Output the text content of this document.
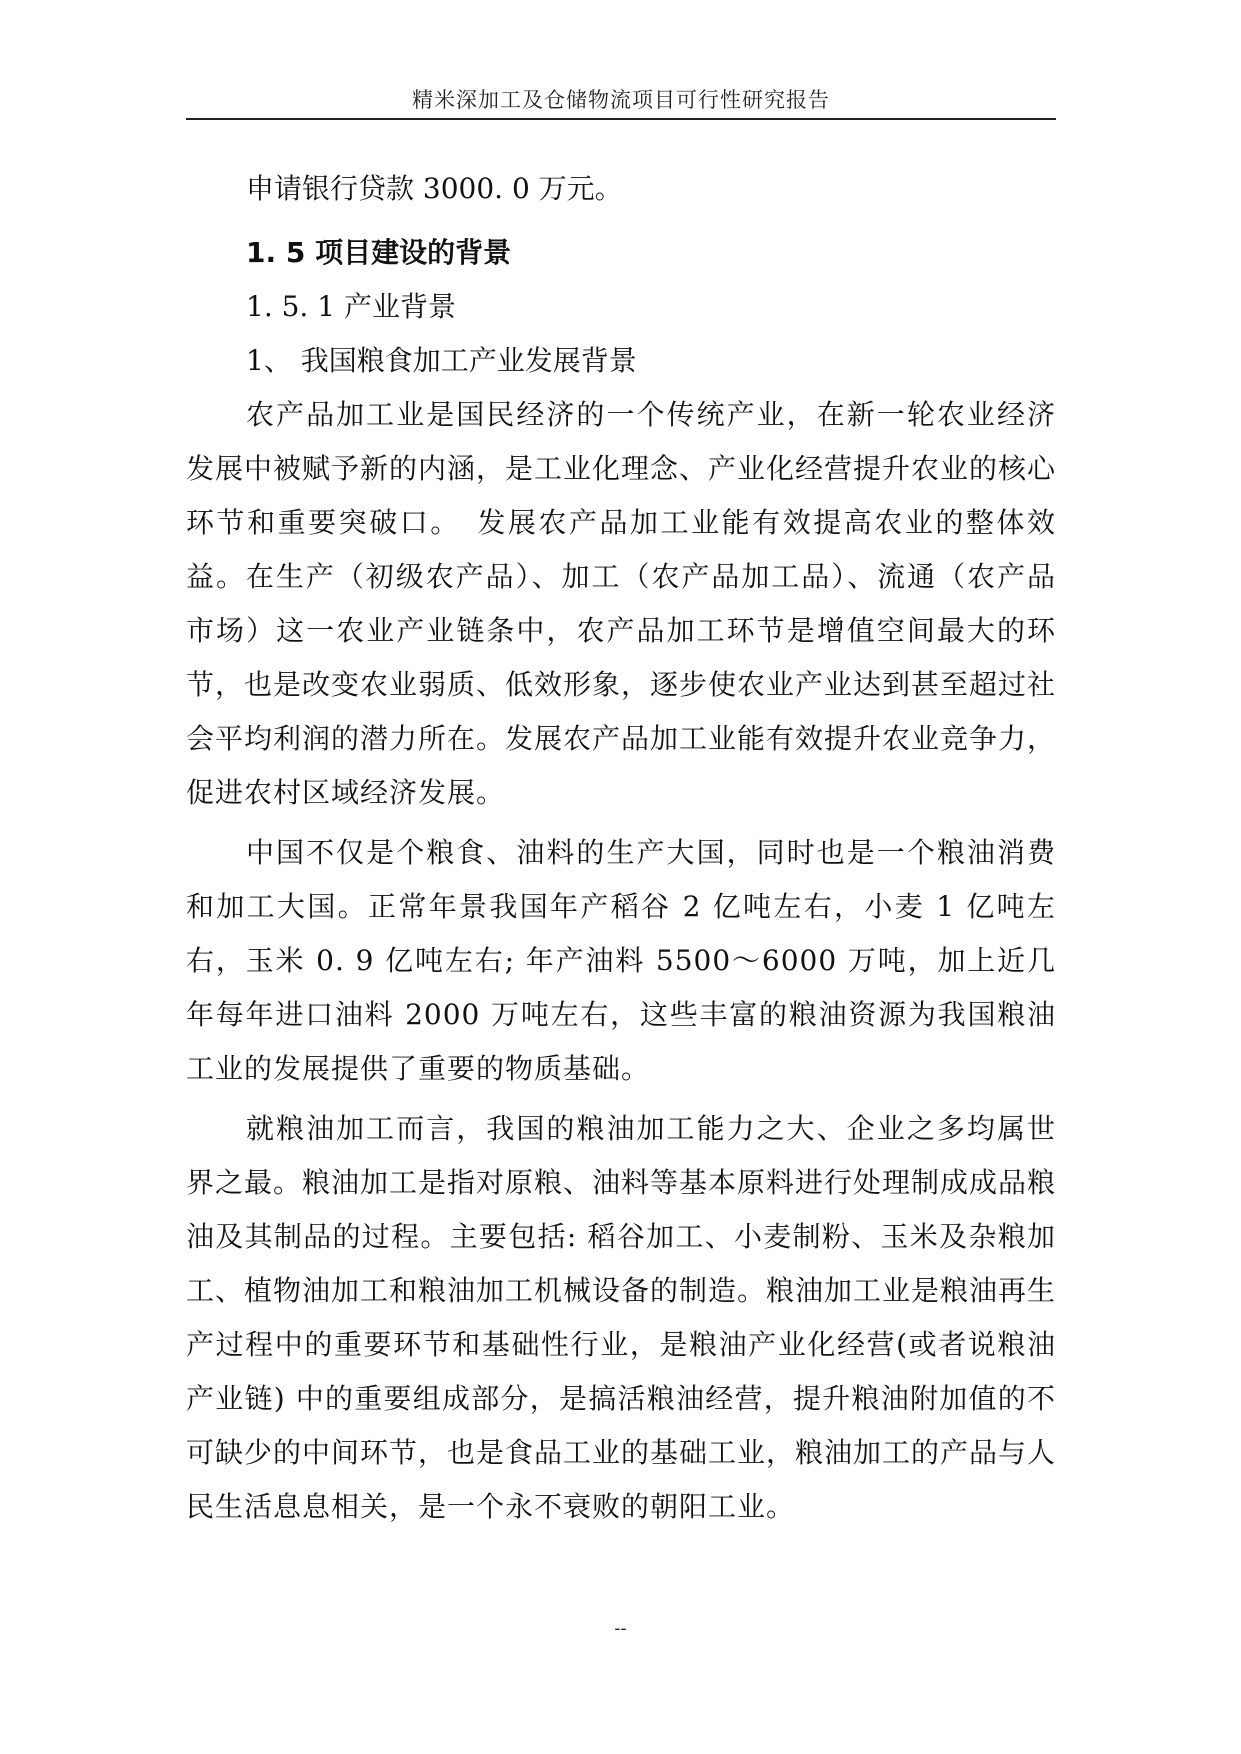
精米深加工及仓储物流项目可行性研究报告

申请银行贷款 3000. 0 万元。

1. 5 项目建设的背景

1. 5. 1 产业背景

1、 我国粮食加工产业发展背景

农产品加工业是国民经济的一个传统产业，在新一轮农业经济发展中被赋予新的内涵，是工业化理念、产业化经营提升农业的核心环节和重要突破口。　发展农产品加工业能有效提高农业的整体效益。在生产（初级农产品）、加工（农产品加工品）、流通（农产品市场）这一农业产业链条中，农产品加工环节是增值空间最大的环节，也是改变农业弱质、低效形象，逐步使农业产业达到甚至超过社会平均利润的潜力所在。发展农产品加工业能有效提升农业竞争力，促进农村区域经济发展。

中国不仅是个粮食、油料的生产大国，同时也是一个粮油消费和加工大国。正常年景我国年产稻谷 2 亿吨左右，小麦 1 亿吨左右，玉米 0. 9 亿吨左右; 年产油料 5500～6000 万吨，加上近几年每年进口油料 2000 万吨左右，这些丰富的粮油资源为我国粮油工业的发展提供了重要的物质基础。

就粮油加工而言，我国的粮油加工能力之大、企业之多均属世界之最。粮油加工是指对原粮、油料等基本原料进行处理制成成品粮油及其制品的过程。主要包括: 稻谷加工、小麦制粉、玉米及杂粮加工、植物油加工和粮油加工机械设备的制造。粮油加工业是粮油再生产过程中的重要环节和基础性行业，是粮油产业化经营(或者说粮油产业链) 中的重要组成部分，是搞活粮油经营，提升粮油附加值的不可缺少的中间环节，也是食品工业的基础工业，粮油加工的产品与人民生活息息相关，是一个永不衰败的朝阳工业。

--
